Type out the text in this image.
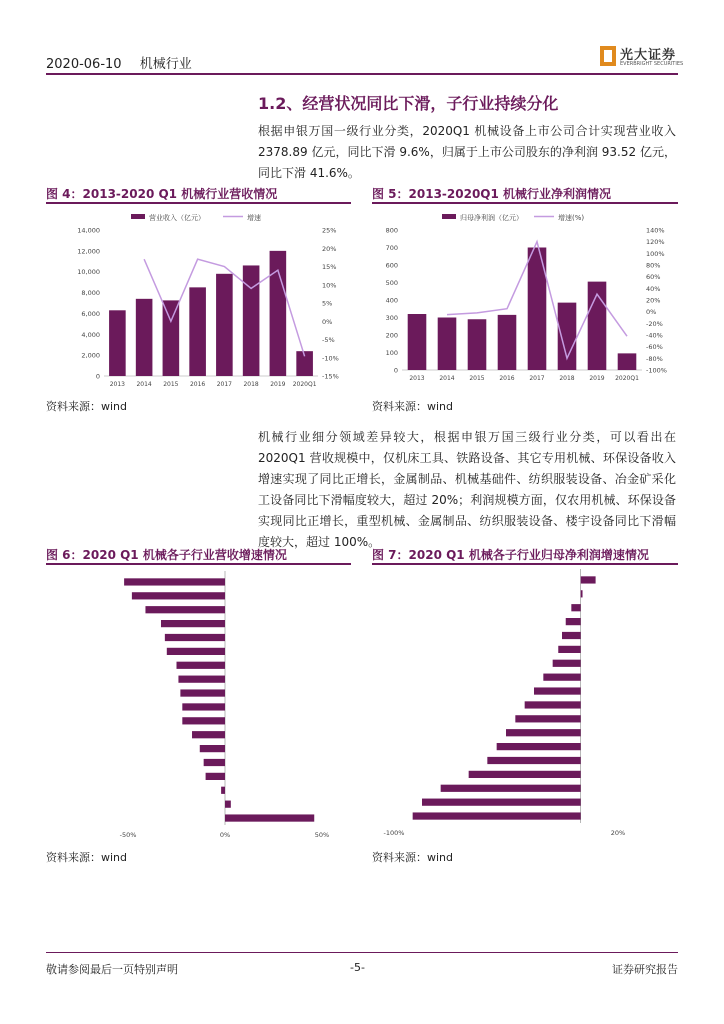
2020-06-10 机械行业
光大证券
EVERBRIGHT SECURITIES
1.2、经营状况同比下滑，子行业持续分化
根据申银万国一级行业分类，2020Q1 机械设备上市公司合计实现营业收入 2378.89 亿元，同比下滑 9.6%，归属于上市公司股东的净利润 93.52 亿元，同比下滑 41.6%。
图 4：2013-2020 Q1 机械行业营收情况
营业收入（亿元）	增速
0
2,000
4,000
6,000
8,000
10,000
12,000
14,000
-15%
-10%
-5%
0%
5%
10%
15%
20%
25%
2013 2014 2015 2016 2017 2018 2019 2020Q1
资料来源：wind
图 5：2013-2020Q1 机械行业净利润情况
归母净利润（亿元）	增速(%)
0
100
200
300
400
500
600
700
800
-100%
-80%
-60%
-40%
-20%
0%
20%
40%
60%
80%
100%
120%
140%
2013 2014 2015 2016 2017 2018 2019 2020Q1
资料来源：wind
机械行业细分领域差异较大，根据申银万国三级行业分类，可以看出在 2020Q1 营收规模中，仅机床工具、铁路设备、其它专用机械、环保设备收入增速实现了同比正增长，金属制品、机械基础件、纺织服装设备、冶金矿采化工设备同比下滑幅度较大，超过 20%；利润规模方面，仅农用机械、环保设备实现同比正增长，重型机械、金属制品、纺织服装设备、楼宇设备同比下滑幅度较大，超过 100%。
图 6：2020 Q1 机械各子行业营收增速情况
-50%	0%	50%
资料来源：wind
图 7：2020 Q1 机械各子行业归母净利润增速情况
-100%	20%
资料来源：wind
敬请参阅最后一页特别声明	-5-	证券研究报告
